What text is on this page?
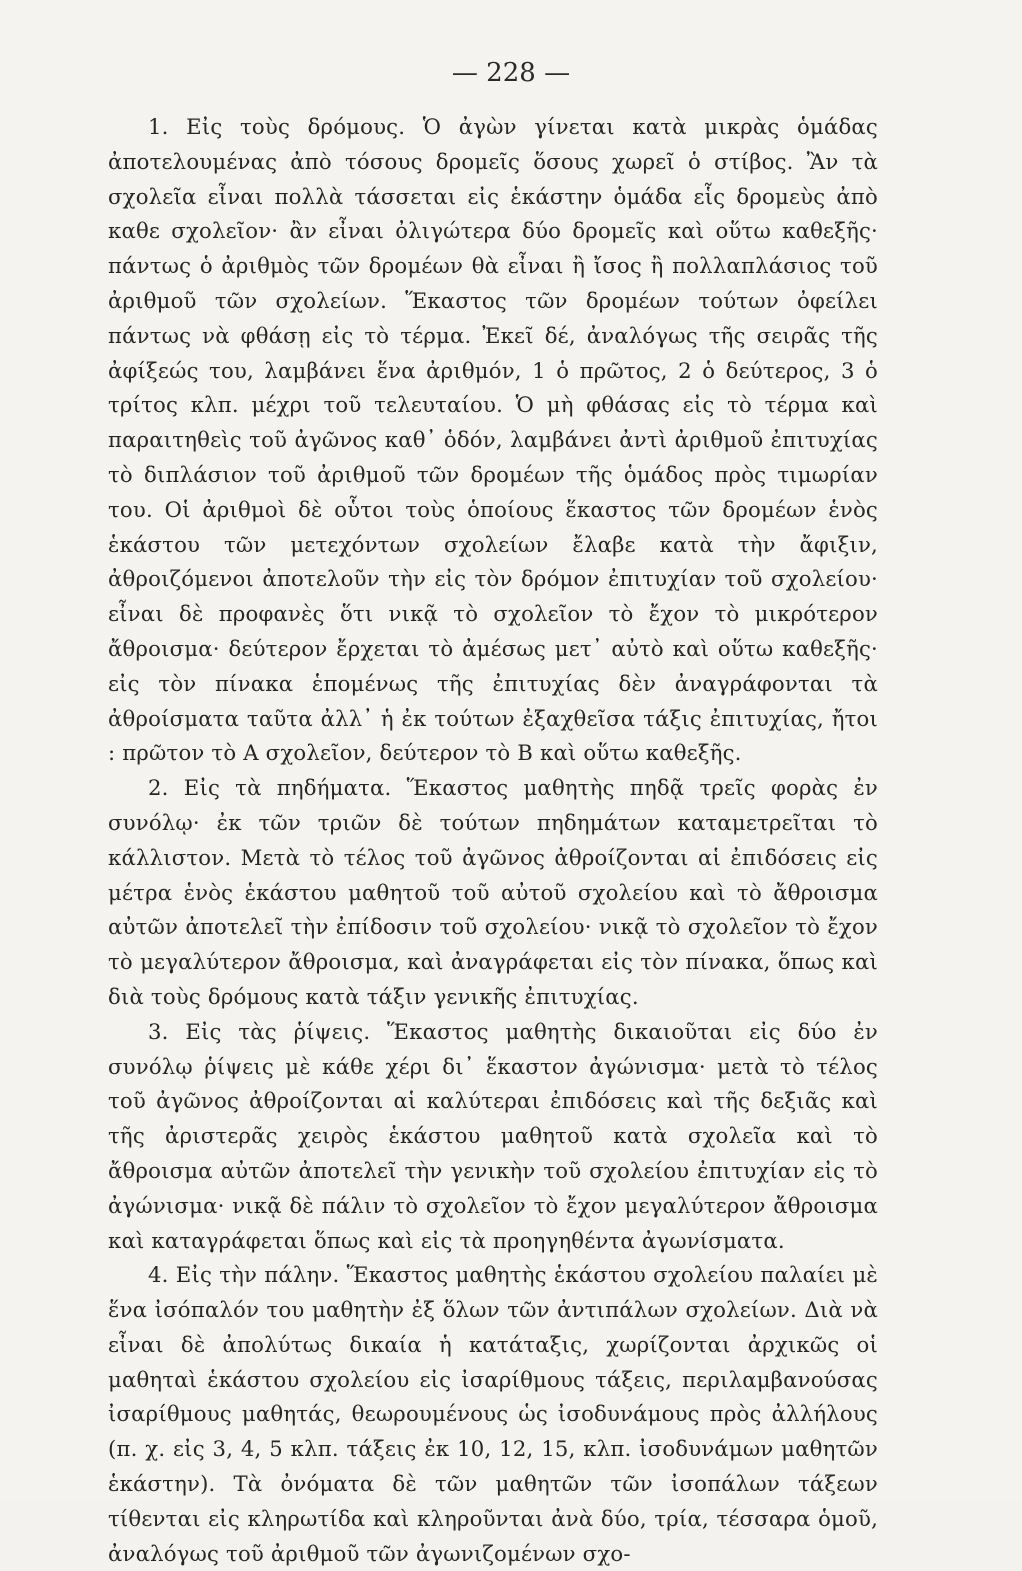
— 228 —

1. Εἰς τοὺς δρόμους. Ὁ ἀγὼν γίνεται κατὰ μικρὰς ὁμάδας ἀποτελουμένας ἀπὸ τόσους δρομεῖς ὅσους χωρεῖ ὁ στίβος. Ἂν τὰ σχολεῖα εἶναι πολλὰ τάσσεται εἰς ἑκάστην ὁμάδα εἷς δρομεὺς ἀπὸ καθε σχολεῖον· ἂν εἶναι ὀλιγώτερα δύο δρομεῖς καὶ οὕτω καθεξῆς· πάντως ὁ ἀριθμὸς τῶν δρομέων θὰ εἶναι ἢ ἴσος ἢ πολλαπλάσιος τοῦ ἀριθμοῦ τῶν σχολείων. Ἕκαστος τῶν δρομέων τούτων ὀφείλει πάντως νὰ φθάσῃ εἰς τὸ τέρμα. Ἐκεῖ δέ, ἀναλόγως τῆς σειρᾶς τῆς ἀφίξεώς του, λαμβάνει ἕνα ἀριθμόν, 1 ὁ πρῶτος, 2 ὁ δεύτερος, 3 ὁ τρίτος κλπ. μέχρι τοῦ τελευταίου. Ὁ μὴ φθάσας εἰς τὸ τέρμα καὶ παραιτηθεὶς τοῦ ἀγῶνος καθ᾽ ὁδόν, λαμβάνει ἀντὶ ἀριθμοῦ ἐπιτυχίας τὸ διπλάσιον τοῦ ἀριθμοῦ τῶν δρομέων τῆς ὁμάδος πρὸς τιμωρίαν του. Οἱ ἀριθμοὶ δὲ οὗτοι τοὺς ὁποίους ἕκαστος τῶν δρομέων ἑνὸς ἑκάστου τῶν μετεχόντων σχολείων ἔλαβε κατὰ τὴν ἄφιξιν, ἀθροιζόμενοι ἀποτελοῦν τὴν εἰς τὸν δρόμον ἐπιτυχίαν τοῦ σχολείου· εἶναι δὲ προφανὲς ὅτι νικᾷ τὸ σχολεῖον τὸ ἔχον τὸ μικρότερον ἄθροισμα· δεύτερον ἔρχεται τὸ ἀμέσως μετ᾽ αὐτὸ καὶ οὕτω καθεξῆς· εἰς τὸν πίνακα ἑπομένως τῆς ἐπιτυχίας δὲν ἀναγράφονται τὰ ἀθροίσματα ταῦτα ἀλλ᾽ ἡ ἐκ τούτων ἐξαχθεῖσα τάξις ἐπιτυχίας, ἤτοι : πρῶτον τὸ Α σχολεῖον, δεύτερον τὸ Β καὶ οὕτω καθεξῆς.

2. Εἰς τὰ πηδήματα. Ἕκαστος μαθητὴς πηδᾷ τρεῖς φορὰς ἐν συνόλῳ· ἐκ τῶν τριῶν δὲ τούτων πηδημάτων καταμετρεῖται τὸ κάλλιστον. Μετὰ τὸ τέλος τοῦ ἀγῶνος ἀθροίζονται αἱ ἐπιδόσεις εἰς μέτρα ἑνὸς ἑκάστου μαθητοῦ τοῦ αὐτοῦ σχολείου καὶ τὸ ἄθροισμα αὐτῶν ἀποτελεῖ τὴν ἐπίδοσιν τοῦ σχολείου· νικᾷ τὸ σχολεῖον τὸ ἔχον τὸ μεγαλύτερον ἄθροισμα, καὶ ἀναγράφεται εἰς τὸν πίνακα, ὅπως καὶ διὰ τοὺς δρόμους κατὰ τάξιν γενικῆς ἐπιτυχίας.

3. Εἰς τὰς ῥίψεις. Ἕκαστος μαθητὴς δικαιοῦται εἰς δύο ἐν συνόλῳ ῥίψεις μὲ κάθε χέρι δι᾽ ἕκαστον ἀγώνισμα· μετὰ τὸ τέλος τοῦ ἀγῶνος ἀθροίζονται αἱ καλύτεραι ἐπιδόσεις καὶ τῆς δεξιᾶς καὶ τῆς ἀριστερᾶς χειρὸς ἑκάστου μαθητοῦ κατὰ σχολεῖα καὶ τὸ ἄθροισμα αὐτῶν ἀποτελεῖ τὴν γενικὴν τοῦ σχολείου ἐπιτυχίαν εἰς τὸ ἀγώνισμα· νικᾷ δὲ πάλιν τὸ σχολεῖον τὸ ἔχον μεγαλύτερον ἄθροισμα καὶ καταγράφεται ὅπως καὶ εἰς τὰ προηγηθέντα ἀγωνίσματα.

4. Εἰς τὴν πάλην. Ἕκαστος μαθητὴς ἑκάστου σχολείου παλαίει μὲ ἕνα ἰσόπαλόν του μαθητὴν ἐξ ὅλων τῶν ἀντιπάλων σχολείων. Διὰ νὰ εἶναι δὲ ἀπολύτως δικαία ἡ κατάταξις, χωρίζονται ἀρχικῶς οἱ μαθηταὶ ἑκάστου σχολείου εἰς ἰσαρίθμους τάξεις, περιλαμβανούσας ἰσαρίθμους μαθητάς, θεωρουμένους ὡς ἰσοδυνάμους πρὸς ἀλλήλους (π. χ. εἰς 3, 4, 5 κλπ. τάξεις ἐκ 10, 12, 15, κλπ. ἰσοδυνάμων μαθητῶν ἑκάστην). Τὰ ὀνόματα δὲ τῶν μαθητῶν τῶν ἰσοπάλων τάξεων τίθενται εἰς κληρωτίδα καὶ κληροῦνται ἀνὰ δύο, τρία, τέσσαρα ὁμοῦ, ἀναλόγως τοῦ ἀριθμοῦ τῶν ἀγωνιζομένων σχο-
